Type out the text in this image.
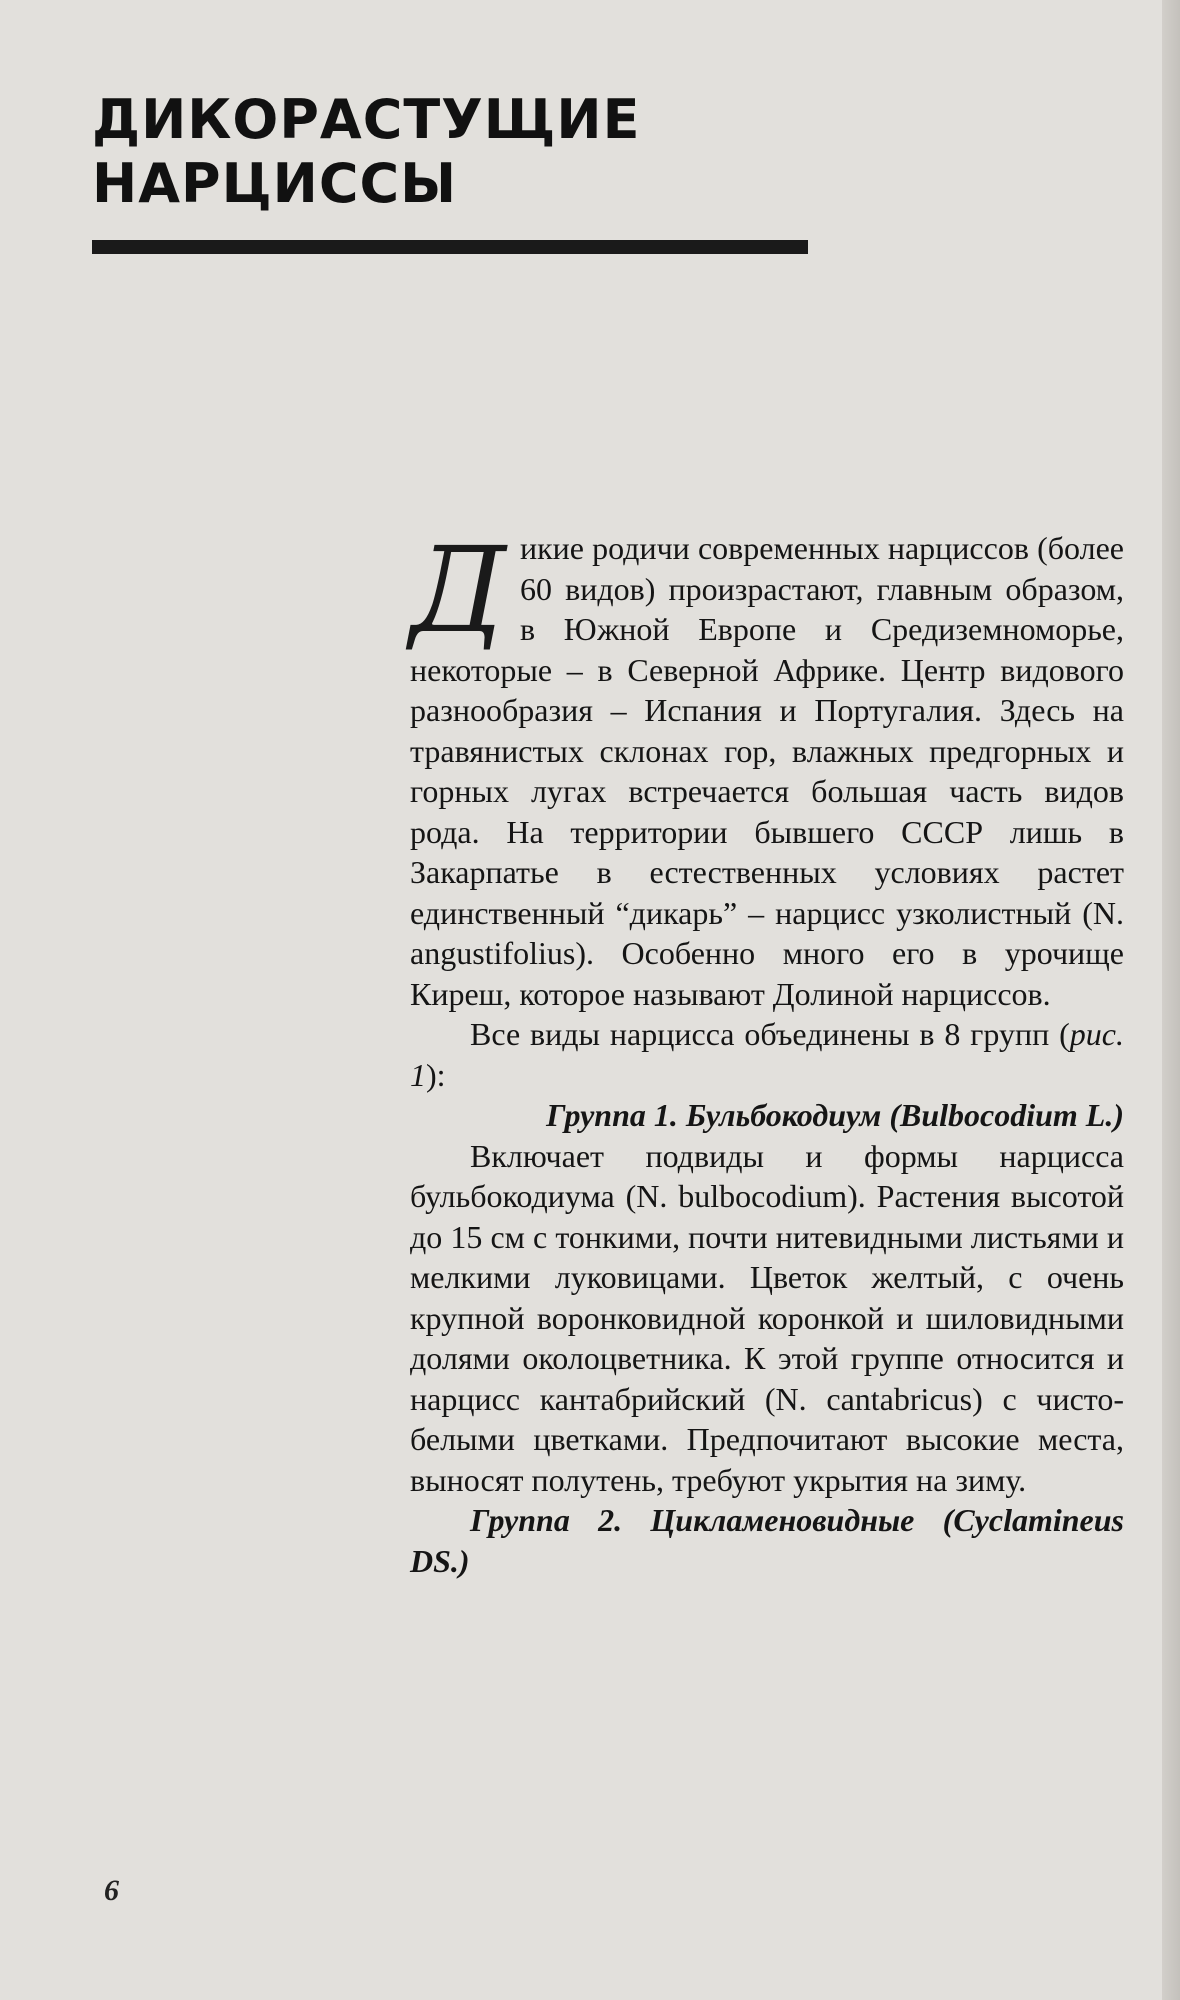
ДИКОРАСТУЩИЕ НАРЦИССЫ

Дикие родичи современных нарциссов (более 60 видов) произрастают, главным образом, в Южной Европе и Средиземноморье, некоторые – в Северной Африке. Центр видового разнообразия – Испания и Португалия. Здесь на травянистых склонах гор, влажных предгорных и горных лугах встречается большая часть видов рода. На территории бывшего СССР лишь в Закарпатье в естественных условиях растет единственный “дикарь” – нарцисс узколистный (N. angustifolius). Особенно много его в урочище Киреш, которое называют Долиной нарциссов.

Все виды нарцисса объединены в 8 групп (рис. 1):

Группа 1. Бульбокодиум (Bulbocodium L.)

Включает подвиды и формы нарцисса бульбокодиума (N. bulbocodium). Растения высотой до 15 см с тонкими, почти нитевидными листьями и мелкими луковицами. Цветок желтый, с очень крупной воронковидной коронкой и шиловидными долями околоцветника. К этой группе относится и нарцисс кантабрийский (N. cantabricus) с чисто-белыми цветками. Предпочитают высокие места, выносят полутень, требуют укрытия на зиму.

Группа 2. Цикламеновидные (Cyclamineus DS.)

6
